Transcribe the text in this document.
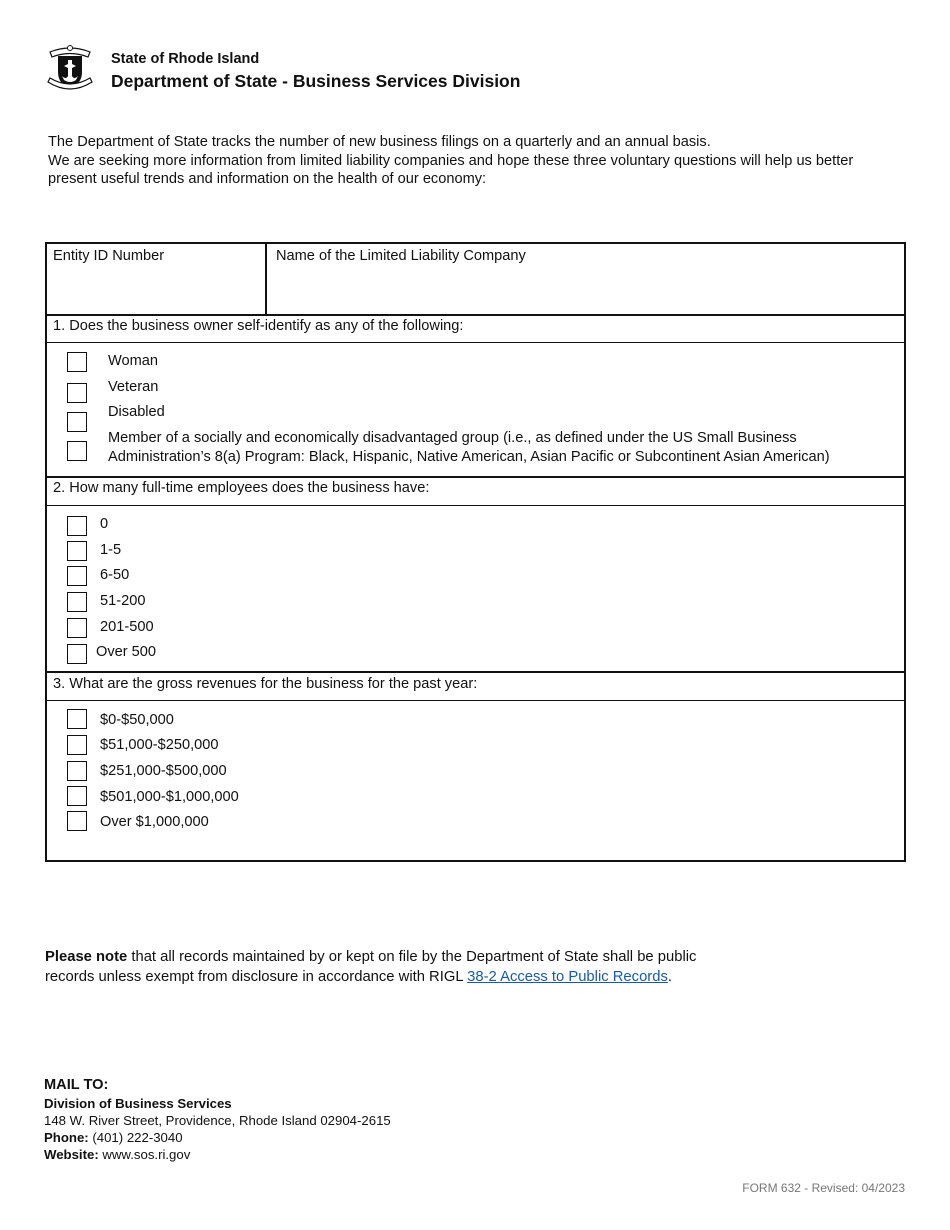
State of Rhode Island
Department of State - Business Services Division
The Department of State tracks the number of new business filings on a quarterly and an annual basis.
We are seeking more information from limited liability companies and hope these three voluntary questions will help us better
present useful trends and information on the health of our economy:
Entity ID Number	Name of the Limited Liability Company
1. Does the business owner self-identify as any of the following:
Woman
Veteran
Disabled
Member of a socially and economically disadvantaged group (i.e., as defined under the US Small Business
Administration’s 8(a) Program: Black, Hispanic, Native American, Asian Pacific or Subcontinent Asian American)
2. How many full-time employees does the business have:
0
1-5
6-50
51-200
201-500
Over 500
3. What are the gross revenues for the business for the past year:
$0-$50,000
$51,000-$250,000
$251,000-$500,000
$501,000-$1,000,000
Over $1,000,000
Please note that all records maintained by or kept on file by the Department of State shall be public
records unless exempt from disclosure in accordance with RIGL 38-2 Access to Public Records.
MAIL TO:
Division of Business Services
148 W. River Street, Providence, Rhode Island 02904-2615
Phone: (401) 222-3040
Website: www.sos.ri.gov
FORM 632 - Revised: 04/2023
